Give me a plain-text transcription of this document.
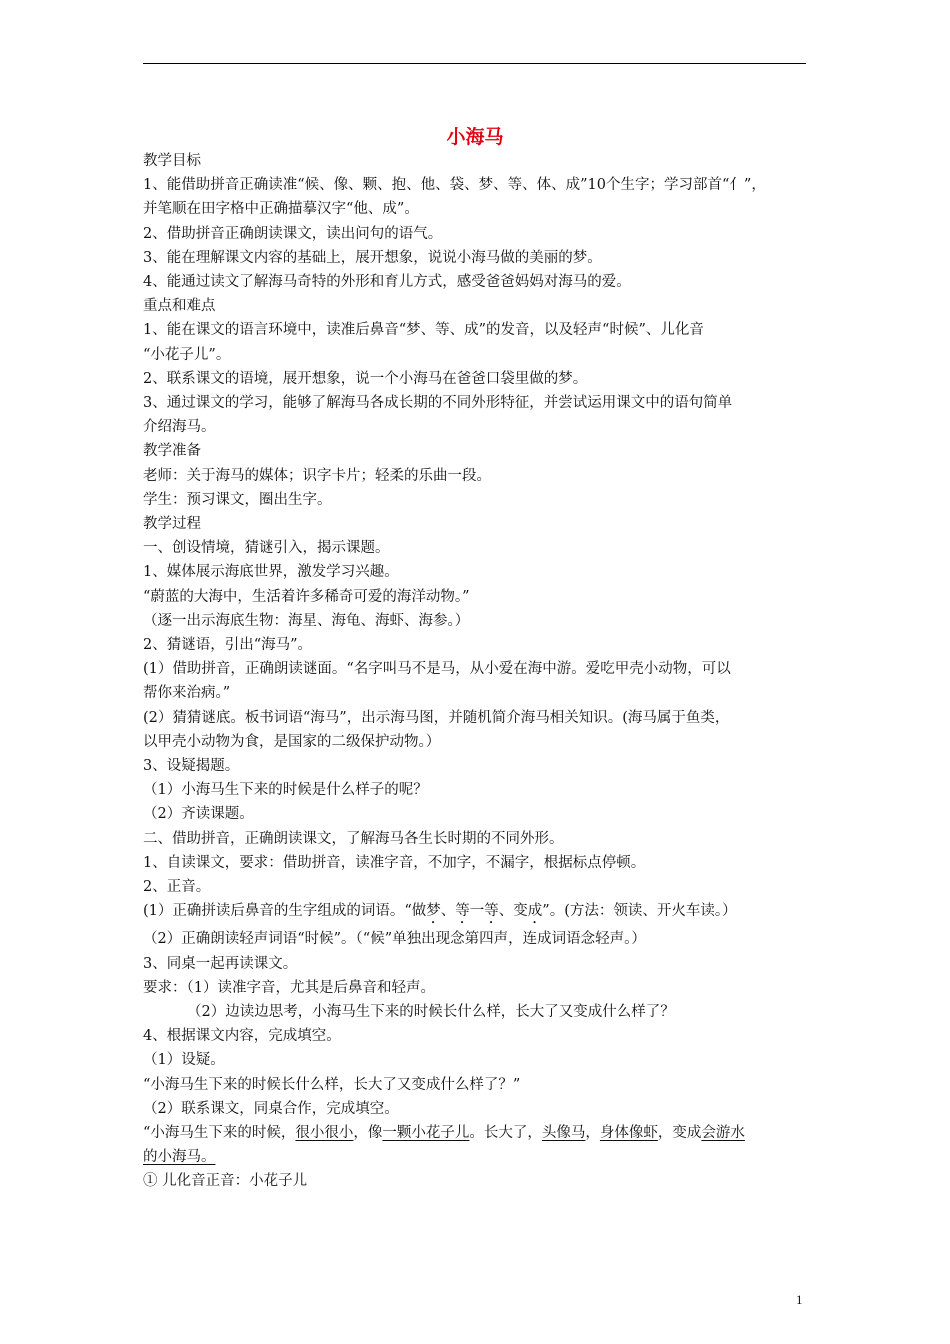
小海马

教学目标

1、能借助拼音正确读准“候、像、颗、抱、他、袋、梦、等、体、成”10个生字；学习部首“亻”，

并笔顺在田字格中正确描摹汉字“他、成”。

2、借助拼音正确朗读课文，读出问句的语气。

3、能在理解课文内容的基础上，展开想象，说说小海马做的美丽的梦。

4、能通过读文了解海马奇特的外形和育儿方式，感受爸爸妈妈对海马的爱。

重点和难点

1、能在课文的语言环境中，读准后鼻音“梦、等、成”的发音，以及轻声“时候”、儿化音

“小花子儿”。

2、联系课文的语境，展开想象，说一个小海马在爸爸口袋里做的梦。

3、通过课文的学习，能够了解海马各成长期的不同外形特征，并尝试运用课文中的语句简单

介绍海马。

教学准备

老师：关于海马的媒体；识字卡片；轻柔的乐曲一段。

学生：预习课文，圈出生字。

教学过程

一、创设情境，猜谜引入，揭示课题。

1、媒体展示海底世界，激发学习兴趣。

“蔚蓝的大海中，生活着许多稀奇可爱的海洋动物。”

（逐一出示海底生物：海星、海龟、海虾、海参。）

2、猜谜语，引出“海马”。

(1）借助拼音，正确朗读谜面。“名字叫马不是马，从小爱在海中游。爱吃甲壳小动物，可以

帮你来治病。”

(2）猜猜谜底。板书词语“海马”，出示海马图，并随机简介海马相关知识。(海马属于鱼类，

以甲壳小动物为食，是国家的二级保护动物。）

3、设疑揭题。

（1）小海马生下来的时候是什么样子的呢？

（2）齐读课题。

二、借助拼音，正确朗读课文，了解海马各生长时期的不同外形。

1、自读课文，要求：借助拼音，读准字音，不加字，不漏字，根据标点停顿。

2、正音。

(1）正确拼读后鼻音的生字组成的词语。“做梦、等一等、变成”。(方法：领读、开火车读。）

（2）正确朗读轻声词语“时候”。（“候”单独出现念第四声，连成词语念轻声。）

3、同桌一起再读课文。

要求：（1）读准字音，尤其是后鼻音和轻声。

（2）边读边思考，小海马生下来的时候长什么样，长大了又变成什么样了？

4、根据课文内容，完成填空。

（1）设疑。

“小海马生下来的时候长什么样，长大了又变成什么样了？”

（2）联系课文，同桌合作，完成填空。

“小海马生下来的时候，很小很小，像一颗小花子儿。长大了，头像马，身体像虾，变成会游水

的小海马。

① 儿化音正音：小花子儿

1
